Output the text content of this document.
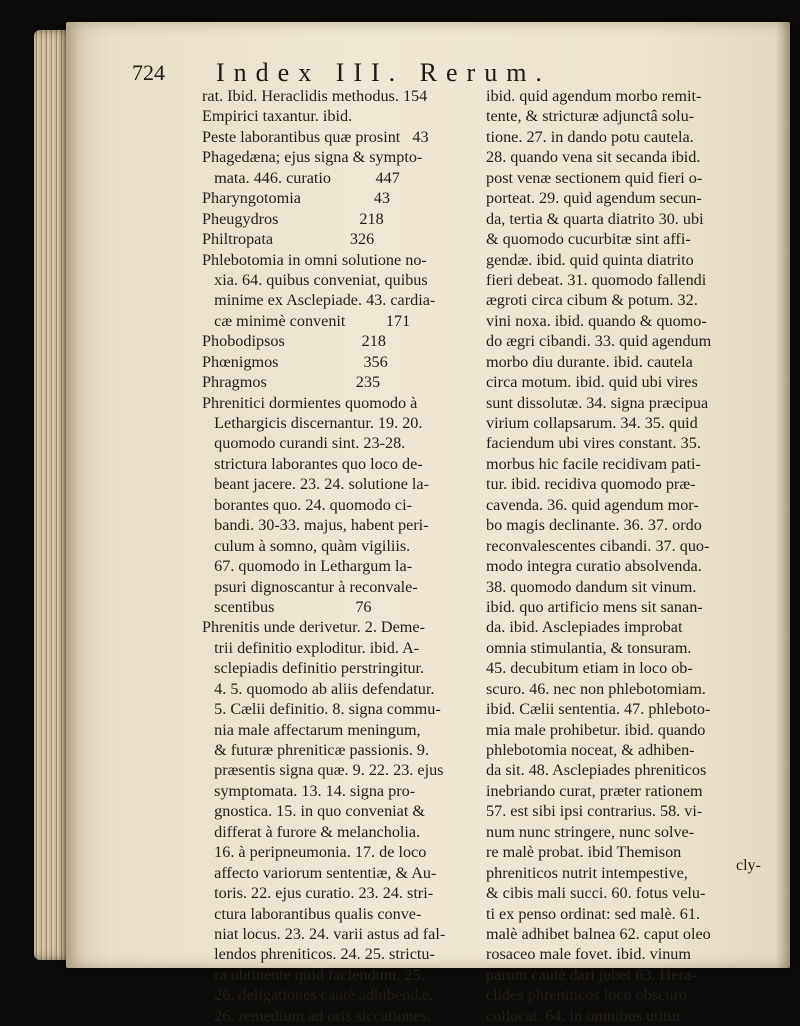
724 Index III. Rerum.
rat. Ibid. Heraclidis methodus. 154
Empirici taxantur. ibid.
Peste laborantibus quæ prosint   43
Phagedæna; ejus signa & sympto-
mata. 446. curatio           447
Pharyngotomia                  43
Pheugydros                    218
Philtropata                   326
Phlebotomia in omni solutione no-
xia. 64. quibus conveniat, quibus
minime ex Asclepiade. 43. cardia-
cæ minimè convenit          171
Phobodipsos                   218
Phœnigmos                     356
Phragmos                      235
Phrenitici dormientes quomodo à
Lethargicis discernantur. 19. 20.
quomodo curandi sint. 23-28.
strictura laborantes quo loco de-
beant jacere. 23. 24. solutione la-
borantes quo. 24. quomodo ci-
bandi. 30-33. majus, habent peri-
culum à somno, quàm vigiliis.
67. quomodo in Lethargum la-
psuri dignoscantur à reconvale-
scentibus                    76
Phrenitis unde derivetur. 2. Deme-
trii definitio exploditur. ibid. A-
sclepiadis definitio perstringitur.
4. 5. quomodo ab aliis defendatur.
5. Cælii definitio. 8. signa commu-
nia male affectarum meningum,
& futuræ phreniticæ passionis. 9.
præsentis signa quæ. 9. 22. 23. ejus
symptomata. 13. 14. signa pro-
gnostica. 15. in quo conveniat &
differat à furore & melancholia.
16. à peripneumonia. 17. de loco
affecto variorum sententiæ, & Au-
toris. 22. ejus curatio. 23. 24. stri-
ctura laborantibus qualis conve-
niat locus. 23. 24. varii astus ad fal-
lendos phreniticos. 24. 25. strictu-
ra obtinente quid faciendum. 25.
26. deligationes cautè adhibendæ.
26. remedium ad oris siccationes.
ibid. quid agendum morbo remit-
tente, & stricturæ adjunctâ solu-
tione. 27. in dando potu cautela.
28. quando vena sit secanda ibid.
post venæ sectionem quid fieri o-
porteat. 29. quid agendum secun-
da, tertia & quarta diatrito 30. ubi
& quomodo cucurbitæ sint affi-
gendæ. ibid. quid quinta diatrito
fieri debeat. 31. quomodo fallendi
ægroti circa cibum & potum. 32.
vini noxa. ibid. quando & quomo-
do ægri cibandi. 33. quid agendum
morbo diu durante. ibid. cautela
circa motum. ibid. quid ubi vires
sunt dissolutæ. 34. signa præcipua
virium collapsarum. 34. 35. quid
faciendum ubi vires constant. 35.
morbus hic facile recidivam pati-
tur. ibid. recidiva quomodo præ-
cavenda. 36. quid agendum mor-
bo magis declinante. 36. 37. ordo
reconvalescentes cibandi. 37. quo-
modo integra curatio absolvenda.
38. quomodo dandum sit vinum.
ibid. quo artificio mens sit sanan-
da. ibid. Asclepiades improbat
omnia stimulantia, & tonsuram.
45. decubitum etiam in loco ob-
scuro. 46. nec non phlebotomiam.
ibid. Cælii sententia. 47. phleboto-
mia male prohibetur. ibid. quando
phlebotomia noceat, & adhiben-
da sit. 48. Asclepiades phreniticos
inebriando curat, præter rationem
57. est sibi ipsi contrarius. 58. vi-
num nunc stringere, nunc solve-
re malè probat. ibid Themison
phreniticos nutrit intempestive,
& cibis mali succi. 60. fotus velu-
ti ex penso ordinat: sed malè. 61.
malè adhibet balnea 62. caput oleo
rosaceo male fovet. ibid. vinum
parum cautè dari jubet 63. Hera-
clides phreniticos loco obscuro
collocat. 64. in omnibus utitur
cly-
